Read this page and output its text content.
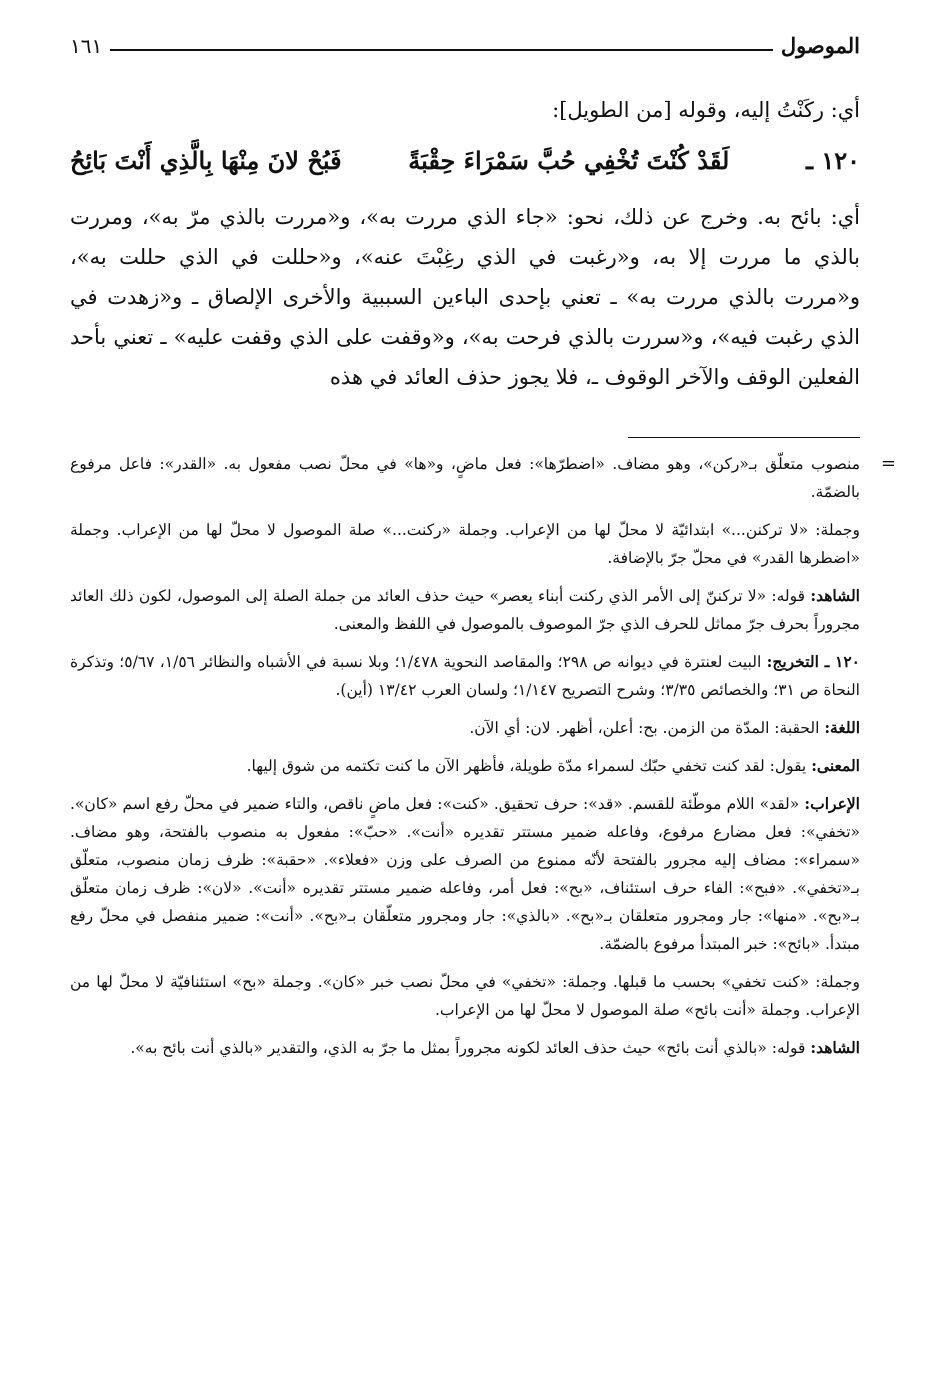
الموصول
١٦١
أي: ركَنْتُ إليه، وقوله [من الطويل]:
١٢٠ ـ
لَقَدْ كُنْتَ تُخْفِي حُبَّ سَمْرَاءَ حِقْبَةً
فَبُحْ لانَ مِنْهَا بِالَّذِي أَنْتَ بَائِحُ

أي: بائح به. وخرج عن ذلك، نحو: «جاء الذي مررت به»، و«مررت بالذي مرّ به»، ومررت بالذي ما مررت إلا به، و«رغبت في الذي رغِبْتَ عنه»، و«حللت في الذي حللت به»، و«مررت بالذي مررت به» ـ تعني بإحدى الباءين السببية والأخرى الإلصاق ـ و«زهدت في الذي رغبت فيه»، و«سررت بالذي فرحت به»، و«وقفت على الذي وقفت عليه» ـ تعني بأحد الفعلين الوقف والآخر الوقوف ـ، فلا يجوز حذف العائد في هذه

=
منصوب متعلّق بـ«ركن»، وهو مضاف. «اضطرّها»: فعل ماضٍ، و«ها» في محلّ نصب مفعول به. «القدر»: فاعل مرفوع بالضمّة.

وجملة: «لا تركنن...» ابتدائيّة لا محلّ لها من الإعراب. وجملة «ركنت...» صلة الموصول لا محلّ لها من الإعراب. وجملة «اضطرها القدر» في محلّ جرّ بالإضافة.

الشاهد: قوله: «لا تركننّ إلى الأمر الذي ركنت أبناء يعصر» حيث حذف العائد من جملة الصلة إلى الموصول، لكون ذلك العائد مجروراً بحرف جرّ مماثل للحرف الذي جرّ الموصوف بالموصول في اللفظ والمعنى.

١٢٠ ـ التخريج: البيت لعنترة في ديوانه ص ٢٩٨؛ والمقاصد النحوية ١/٤٧٨؛ وبلا نسبة في الأشباه والنظائر ١/٥٦، ٥/٦٧؛ وتذكرة النحاة ص ٣١؛ والخصائص ٣/٣٥؛ وشرح التصريح ١/١٤٧؛ ولسان العرب ١٣/٤٢ (أين).

اللغة: الحقبة: المدّة من الزمن. بح: أعلن، أظهر. لان: أي الآن.

المعنى: يقول: لقد كنت تخفي حبّك لسمراء مدّة طويلة، فأظهر الآن ما كنت تكتمه من شوق إليها.

الإعراب: «لقد» اللام موطّئة للقسم. «قد»: حرف تحقيق. «كنت»: فعل ماضٍ ناقص، والتاء ضمير في محلّ رفع اسم «كان». «تخفي»: فعل مضارع مرفوع، وفاعله ضمير مستتر تقديره «أنت». «حبّ»: مفعول به منصوب بالفتحة، وهو مضاف. «سمراء»: مضاف إليه مجرور بالفتحة لأنّه ممنوع من الصرف على وزن «فعلاء». «حقبة»: ظرف زمان منصوب، متعلّق بـ«تخفي». «فبح»: الفاء حرف استئناف، «بح»: فعل أمر، وفاعله ضمير مستتر تقديره «أنت». «لان»: ظرف زمان متعلّق بـ«بح». «منها»: جار ومجرور متعلقان بـ«بح». «بالذي»: جار ومجرور متعلّقان بـ«بح». «أنت»: ضمير منفصل في محلّ رفع مبتدأ. «بائح»: خبر المبتدأ مرفوع بالضمّة.

وجملة: «كنت تخفي» بحسب ما قبلها. وجملة: «تخفي» في محلّ نصب خبر «كان». وجملة «بح» استئنافيّة لا محلّ لها من الإعراب. وجملة «أنت بائح» صلة الموصول لا محلّ لها من الإعراب.

الشاهد: قوله: «بالذي أنت بائح» حيث حذف العائد لكونه مجروراً بمثل ما جرّ به الذي، والتقدير «بالذي أنت بائح به».
